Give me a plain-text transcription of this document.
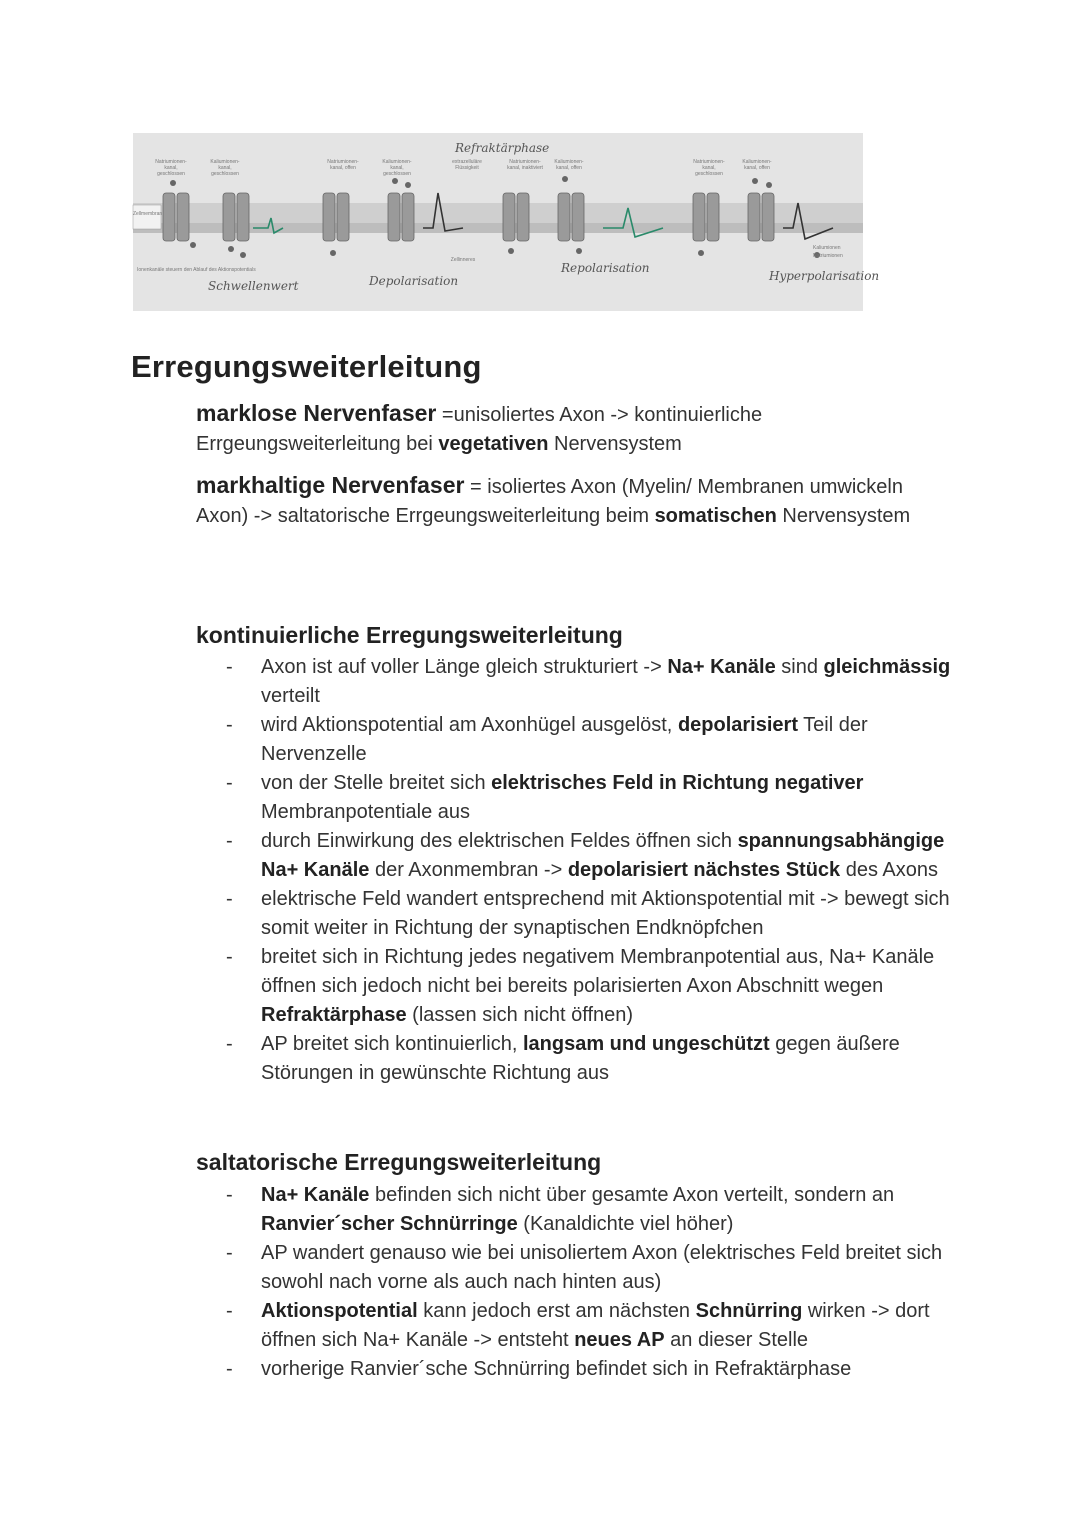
Refraktärphase
Natriumionen-kanal, geschlossen
Kaliumionen-kanal, geschlossen
Natriumionen-kanal, offen
Kaliumionen-kanal, geschlossen
extrazelluläre Flüssigkeit
Natriumionen-kanal, inaktiviert
Kaliumionen-kanal, offen
Natriumionen-kanal, geschlossen
Kaliumionen-kanal, offen
Zellinneres
Zellmembran
Kaliumionen
Natriumionen
Ionenkanäle steuern den Ablauf des Aktionspotentials
Schwellenwert	Depolarisation
Repolarisation
Hyperpolarisation
Erregungsweiterleitung

marklose Nervenfaser =unisoliertes Axon -> kontinuierliche Errgeungsweiterleitung bei vegetativen Nervensystem

markhaltige Nervenfaser = isoliertes Axon (Myelin/ Membranen umwickeln Axon) -> saltatorische Errgeungsweiterleitung beim somatischen Nervensystem

kontinuierliche Erregungsweiterleitung
- Axon ist auf voller Länge gleich strukturiert -> Na+ Kanäle sind gleichmässig verteilt
- wird Aktionspotential am Axonhügel ausgelöst, depolarisiert Teil der Nervenzelle
- von der Stelle breitet sich elektrisches Feld in Richtung negativer Membranpotentiale aus
- durch Einwirkung des elektrischen Feldes öffnen sich spannungsabhängige Na+ Kanäle der Axonmembran -> depolarisiert nächstes Stück des Axons
- elektrische Feld wandert entsprechend mit Aktionspotential mit -> bewegt sich somit weiter in Richtung der synaptischen Endknöpfchen
- breitet sich in Richtung jedes negativem Membranpotential aus, Na+ Kanäle öffnen sich jedoch nicht bei bereits polarisierten Axon Abschnitt wegen Refraktärphase (lassen sich nicht öffnen)
- AP breitet sich kontinuierlich, langsam und ungeschützt gegen äußere Störungen in gewünschte Richtung aus
saltatorische Erregungsweiterleitung
- Na+ Kanäle befinden sich nicht über gesamte Axon verteilt, sondern an Ranvier´scher Schnürringe (Kanaldichte viel höher)
- AP wandert genauso wie bei unisoliertem Axon (elektrisches Feld breitet sich sowohl nach vorne als auch nach hinten aus)
- Aktionspotential kann jedoch erst am nächsten Schnürring wirken -> dort öffnen sich Na+ Kanäle -> entsteht neues AP an dieser Stelle
- vorherige Ranvier´sche Schnürring befindet sich in Refraktärphase
